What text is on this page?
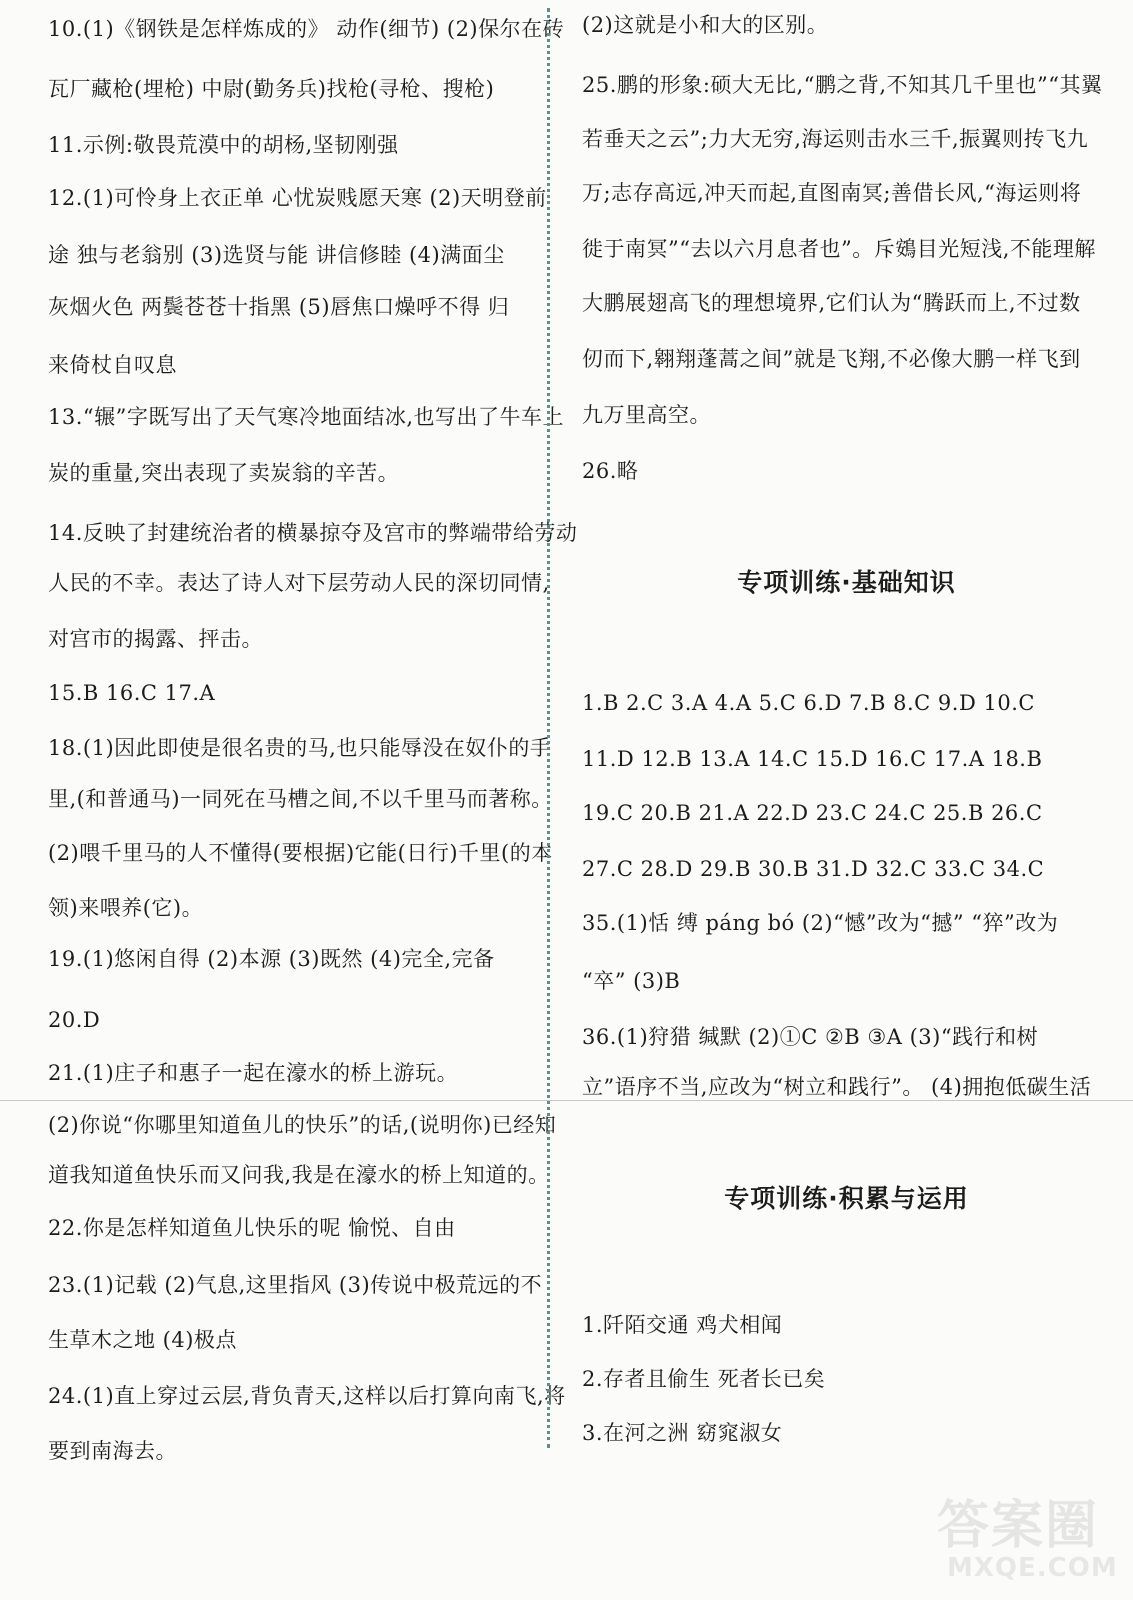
10.(1)《钢铁是怎样炼成的》 动作(细节) (2)保尔在砖
瓦厂藏枪(埋枪) 中尉(勤务兵)找枪(寻枪、搜枪)
11.示例:敬畏荒漠中的胡杨,坚韧刚强
12.(1)可怜身上衣正单 心忧炭贱愿天寒 (2)天明登前
途 独与老翁别 (3)选贤与能 讲信修睦 (4)满面尘
灰烟火色 两鬓苍苍十指黑 (5)唇焦口燥呼不得 归
来倚杖自叹息
13.“辗”字既写出了天气寒冷地面结冰,也写出了牛车上
炭的重量,突出表现了卖炭翁的辛苦。
14.反映了封建统治者的横暴掠夺及宫市的弊端带给劳动
人民的不幸。表达了诗人对下层劳动人民的深切同情,
对宫市的揭露、抨击。
15.B 16.C 17.A
18.(1)因此即使是很名贵的马,也只能辱没在奴仆的手
里,(和普通马)一同死在马槽之间,不以千里马而著称。
(2)喂千里马的人不懂得(要根据)它能(日行)千里(的本
领)来喂养(它)。
19.(1)悠闲自得 (2)本源 (3)既然 (4)完全,完备
20.D
21.(1)庄子和惠子一起在濠水的桥上游玩。
(2)你说“你哪里知道鱼儿的快乐”的话,(说明你)已经知
道我知道鱼快乐而又问我,我是在濠水的桥上知道的。
22.你是怎样知道鱼儿快乐的呢 愉悦、自由
23.(1)记载 (2)气息,这里指风 (3)传说中极荒远的不
生草木之地 (4)极点
24.(1)直上穿过云层,背负青天,这样以后打算向南飞,将
要到南海去。
(2)这就是小和大的区别。
25.鹏的形象:硕大无比,“鹏之背,不知其几千里也”“其翼
若垂天之云”;力大无穷,海运则击水三千,振翼则抟飞九
万;志存高远,冲天而起,直图南冥;善借长风,“海运则将
徙于南冥”“去以六月息者也”。斥鴳目光短浅,不能理解
大鹏展翅高飞的理想境界,它们认为“腾跃而上,不过数
仞而下,翱翔蓬蒿之间”就是飞翔,不必像大鹏一样飞到
九万里高空。
26.略
专项训练·基础知识
1.B 2.C 3.A 4.A 5.C 6.D 7.B 8.C 9.D 10.C
11.D 12.B 13.A 14.C 15.D 16.C 17.A 18.B
19.C 20.B 21.A 22.D 23.C 24.C 25.B 26.C
27.C 28.D 29.B 30.B 31.D 32.C 33.C 34.C
35.(1)恬 缚 páng bó (2)“憾”改为“撼” “猝”改为
“卒” (3)B
36.(1)狩猎 缄默 (2)①C ②B ③A (3)“践行和树
立”语序不当,应改为“树立和践行”。 (4)拥抱低碳生活
专项训练·积累与运用
1.阡陌交通 鸡犬相闻
2.存者且偷生 死者长已矣
3.在河之洲 窈窕淑女
答案圈
MXQE.COM
